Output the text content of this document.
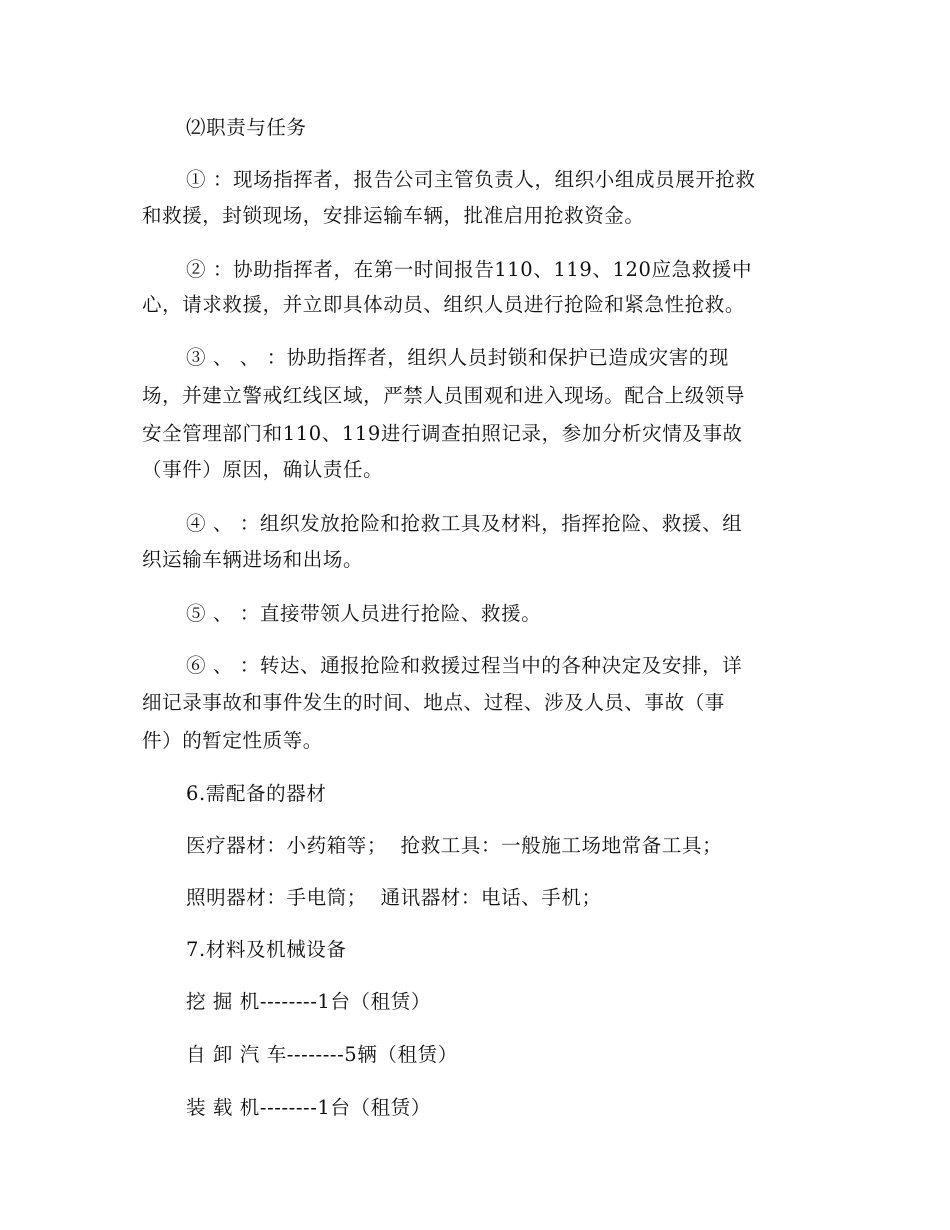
⑵职责与任务
① ：现场指挥者，报告公司主管负责人，组织小组成员展开抢救
和救援，封锁现场，安排运输车辆，批准启用抢救资金。
② ：协助指挥者，在第一时间报告110、119、120应急救援中
心，请求救援，并立即具体动员、组织人员进行抢险和紧急性抢救。
③ 、 、 ：协助指挥者，组织人员封锁和保护已造成灾害的现
场，并建立警戒红线区域，严禁人员围观和进入现场。配合上级领导
安全管理部门和110、119进行调查拍照记录，参加分析灾情及事故
（事件）原因，确认责任。
④ 、 ：组织发放抢险和抢救工具及材料，指挥抢险、救援、组
织运输车辆进场和出场。
⑤ 、 ：直接带领人员进行抢险、救援。
⑥ 、 ：转达、通报抢险和救援过程当中的各种决定及安排，详
细记录事故和事件发生的时间、地点、过程、涉及人员、事故（事
件）的暂定性质等。
6.需配备的器材
医疗器材：小药箱等；  抢救工具：一般施工场地常备工具；
照明器材：手电筒；  通讯器材：电话、手机；
7.材料及机械设备
挖 掘 机--------1台（租赁）
自 卸 汽 车--------5辆（租赁）
装 载 机--------1台（租赁）
